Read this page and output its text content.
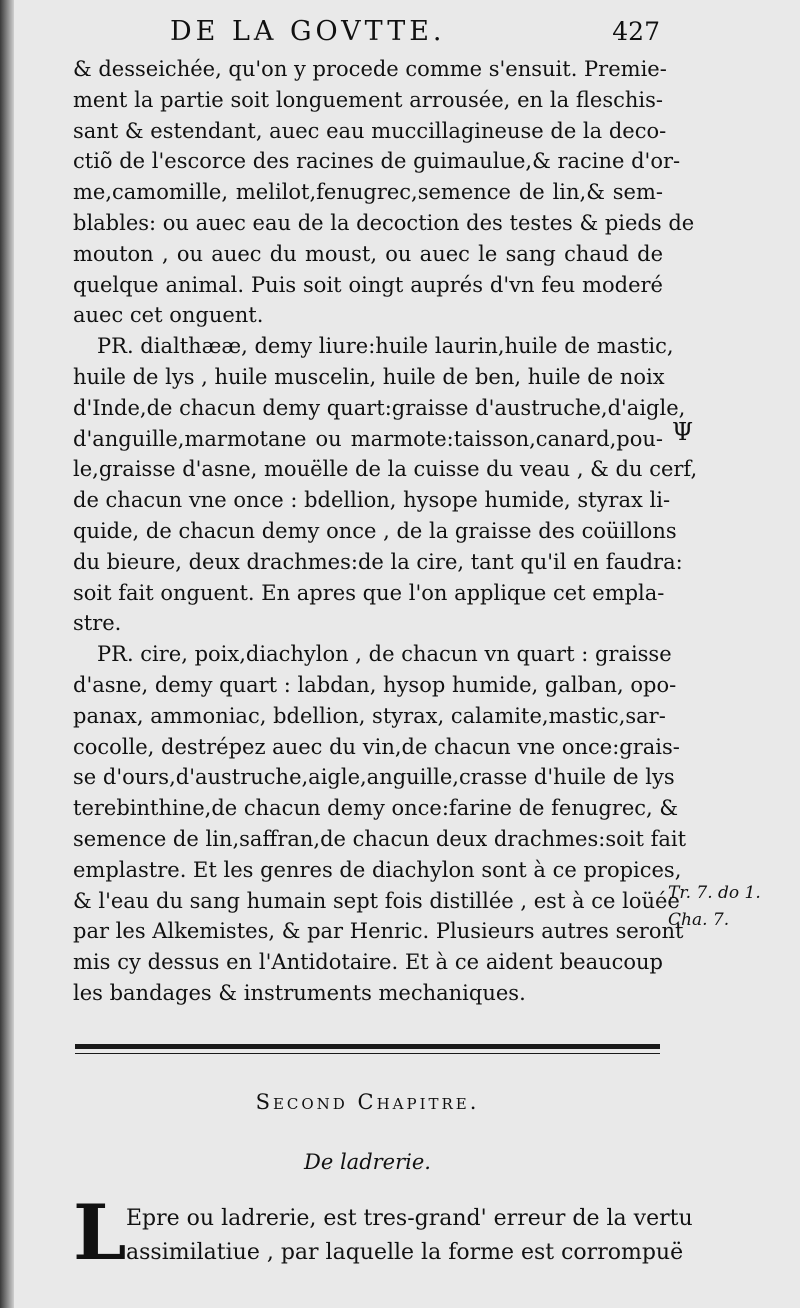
DE LA GOVTTE.	427
& desseichée, qu'on y procede comme s'ensuit. Premie-
ment la partie soit longuement arrousée, en la fleschis-
sant & estendant, auec eau muccillagineuse de la deco-
ctiõ de l'escorce des racines de guimaulue,& racine d'or-
me,camomille, melilot,fenugrec,semence de lin,& sem-
blables: ou auec eau de la decoction des testes & pieds de
mouton , ou auec du moust, ou auec le sang chaud de
quelque animal. Puis soit oingt auprés d'vn feu moderé
auec cet onguent.
PR. dialthææ, demy liure:huile laurin,huile de mastic,
huile de lys , huile muscelin, huile de ben, huile de noix
d'Inde,de chacun demy quart:graisse d'austruche,d'aigle,
d'anguille,marmotane ou marmote:taisson,canard,pou-
le,graisse d'asne, mouëlle de la cuisse du veau , & du cerf,
de chacun vne once : bdellion, hysope humide, styrax li-
quide, de chacun demy once , de la graisse des coüillons
du bieure, deux drachmes:de la cire, tant qu'il en faudra:
soit fait onguent. En apres que l'on applique cet empla-
stre.
PR. cire, poix,diachylon , de chacun vn quart : graisse
d'asne, demy quart : labdan, hysop humide, galban, opo-
panax, ammoniac, bdellion, styrax, calamite,mastic,sar-
cocolle, destrépez auec du vin,de chacun vne once:grais-
se d'ours,d'austruche,aigle,anguille,crasse d'huile de lys
terebinthine,de chacun demy once:farine de fenugrec, &
semence de lin,saffran,de chacun deux drachmes:soit fait
emplastre. Et les genres de diachylon sont à ce propices,
& l'eau du sang humain sept fois distillée , est à ce loüée
par les Alkemistes, & par Henric. Plusieurs autres seront
mis cy dessus en l'Antidotaire. Et à ce aident beaucoup
les bandages & instruments mechaniques.
Ψ
Tr. 7. do 1.
Cha. 7.
Second Chapitre.
De ladrerie.
L Epre ou ladrerie, est tres-grand' erreur de la vertu
assimilatiue , par laquelle la forme est corrompuë
